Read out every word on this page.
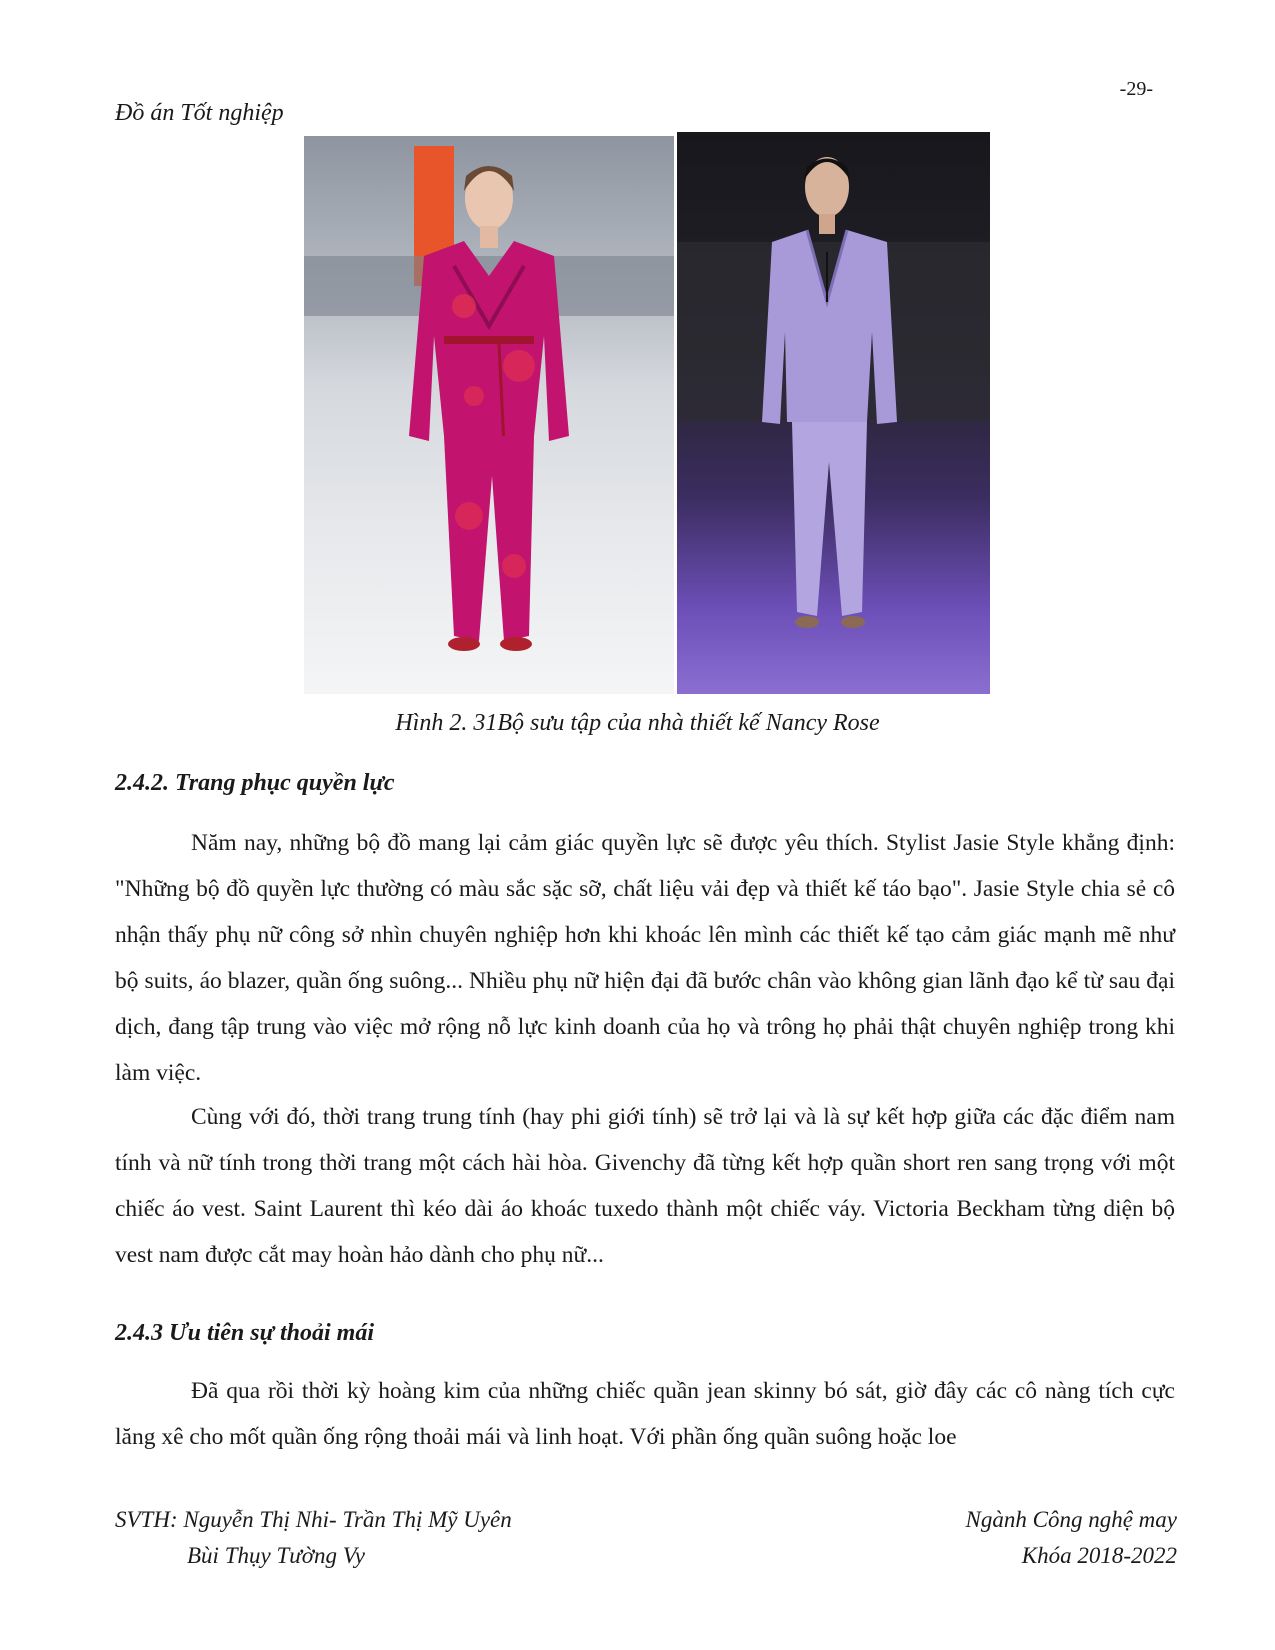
-29-
Đồ án Tốt nghiệp
Hình 2. 31Bộ sưu tập của nhà thiết kế Nancy Rose
2.4.2. Trang phục quyền lực

Năm nay, những bộ đồ mang lại cảm giác quyền lực sẽ được yêu thích. Stylist Jasie Style khẳng định: "Những bộ đồ quyền lực thường có màu sắc sặc sỡ, chất liệu vải đẹp và thiết kế táo bạo". Jasie Style chia sẻ cô nhận thấy phụ nữ công sở nhìn chuyên nghiệp hơn khi khoác lên mình các thiết kế tạo cảm giác mạnh mẽ như bộ suits, áo blazer, quần ống suông... Nhiều phụ nữ hiện đại đã bước chân vào không gian lãnh đạo kể từ sau đại dịch, đang tập trung vào việc mở rộng nỗ lực kinh doanh của họ và trông họ phải thật chuyên nghiệp trong khi làm việc.

Cùng với đó, thời trang trung tính (hay phi giới tính) sẽ trở lại và là sự kết hợp giữa các đặc điểm nam tính và nữ tính trong thời trang một cách hài hòa. Givenchy đã từng kết hợp quần short ren sang trọng với một chiếc áo vest. Saint Laurent thì kéo dài áo khoác tuxedo thành một chiếc váy. Victoria Beckham từng diện bộ vest nam được cắt may hoàn hảo dành cho phụ nữ...

2.4.3 Ưu tiên sự thoải mái

Đã qua rồi thời kỳ hoàng kim của những chiếc quần jean skinny bó sát, giờ đây các cô nàng tích cực lăng xê cho mốt quần ống rộng thoải mái và linh hoạt. Với phần ống quần suông hoặc loe

SVTH: Nguyễn Thị Nhi- Trần Thị Mỹ Uyên
Bùi Thụy Tường Vy
Ngành Công nghệ may
Khóa 2018-2022
